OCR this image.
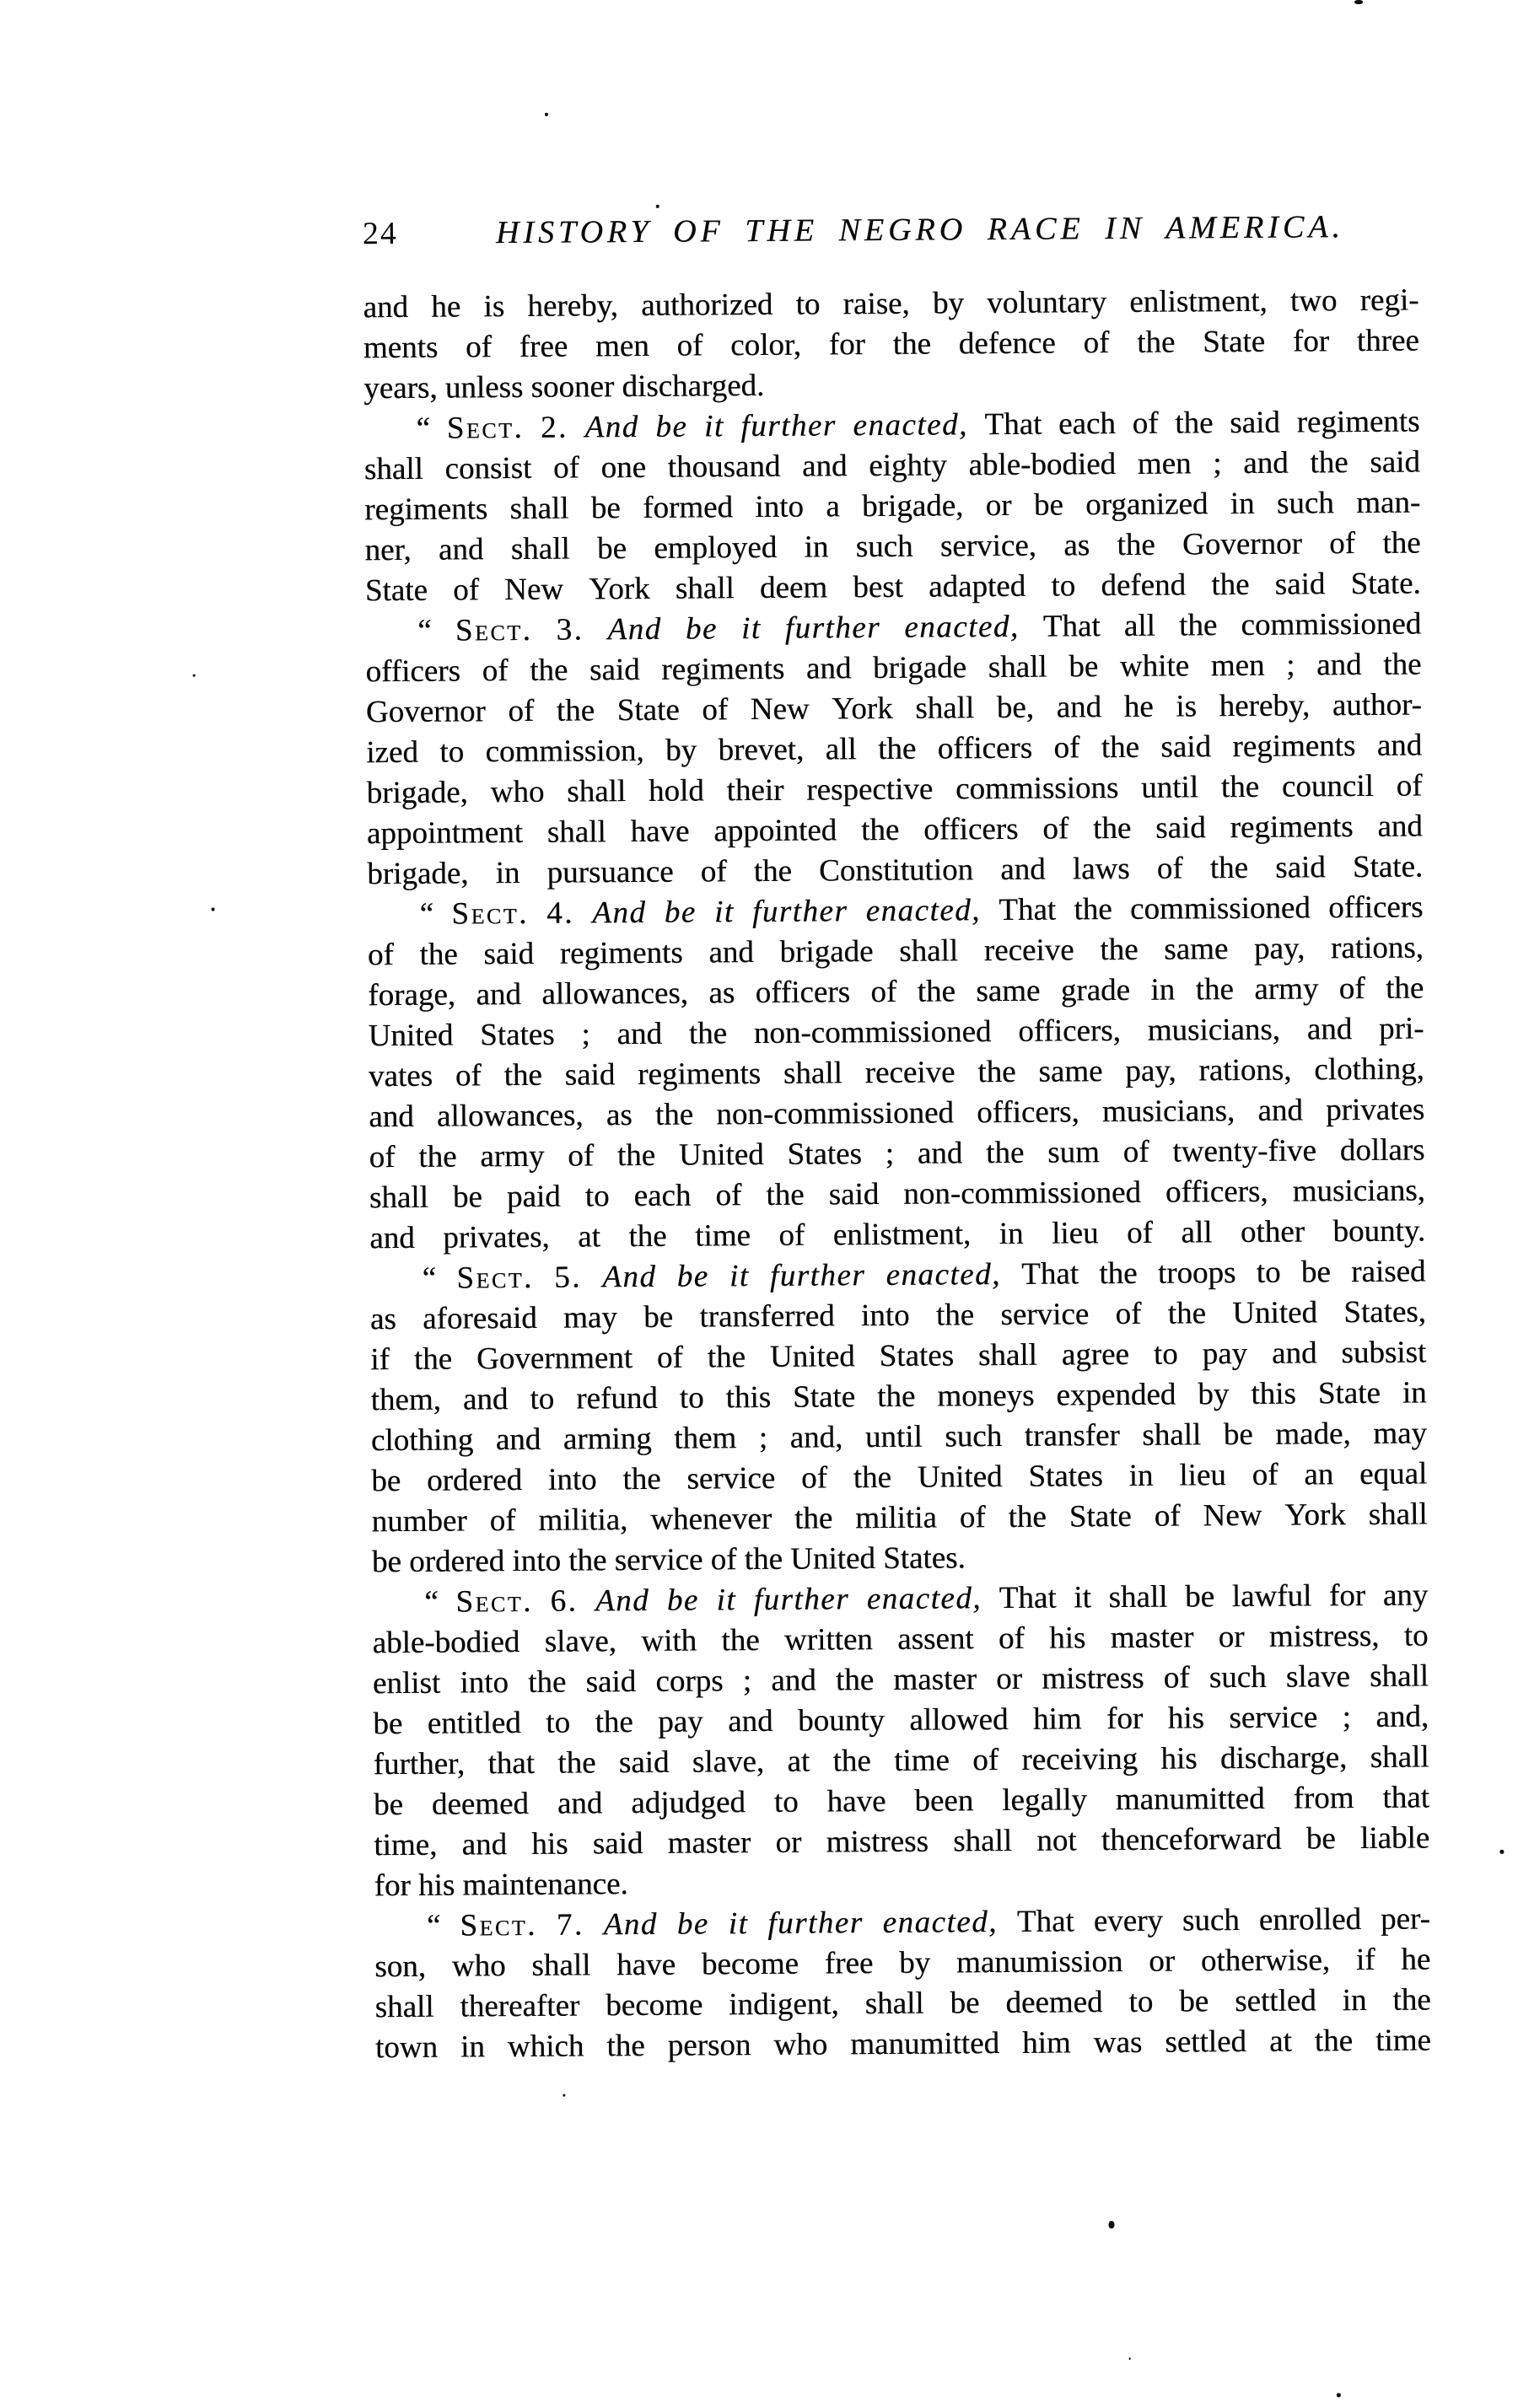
24	HISTORY OF THE NEGRO RACE IN AMERICA.
and he is hereby, authorized to raise, by voluntary enlistment, two regi-
ments of free men of color, for the defence of the State for three
years, unless sooner discharged.
“ Sect. 2. And be it further enacted, That each of the said regiments
shall consist of one thousand and eighty able-bodied men ; and the said
regiments shall be formed into a brigade, or be organized in such man-
ner, and shall be employed in such service, as the Governor of the
State of New York shall deem best adapted to defend the said State.
“ Sect. 3. And be it further enacted, That all the commissioned
officers of the said regiments and brigade shall be white men ; and the
Governor of the State of New York shall be, and he is hereby, author-
ized to commission, by brevet, all the officers of the said regiments and
brigade, who shall hold their respective commissions until the council of
appointment shall have appointed the officers of the said regiments and
brigade, in pursuance of the Constitution and laws of the said State.
“ Sect. 4. And be it further enacted, That the commissioned officers
of the said regiments and brigade shall receive the same pay, rations,
forage, and allowances, as officers of the same grade in the army of the
United States ; and the non-commissioned officers, musicians, and pri-
vates of the said regiments shall receive the same pay, rations, clothing,
and allowances, as the non-commissioned officers, musicians, and privates
of the army of the United States ; and the sum of twenty-five dollars
shall be paid to each of the said non-commissioned officers, musicians,
and privates, at the time of enlistment, in lieu of all other bounty.
“ Sect. 5. And be it further enacted, That the troops to be raised
as aforesaid may be transferred into the service of the United States,
if the Government of the United States shall agree to pay and subsist
them, and to refund to this State the moneys expended by this State in
clothing and arming them ; and, until such transfer shall be made, may
be ordered into the service of the United States in lieu of an equal
number of militia, whenever the militia of the State of New York shall
be ordered into the service of the United States.
“ Sect. 6. And be it further enacted, That it shall be lawful for any
able-bodied slave, with the written assent of his master or mistress, to
enlist into the said corps ; and the master or mistress of such slave shall
be entitled to the pay and bounty allowed him for his service ; and,
further, that the said slave, at the time of receiving his discharge, shall
be deemed and adjudged to have been legally manumitted from that
time, and his said master or mistress shall not thenceforward be liable
for his maintenance.
“ Sect. 7. And be it further enacted, That every such enrolled per-
son, who shall have become free by manumission or otherwise, if he
shall thereafter become indigent, shall be deemed to be settled in the
town in which the person who manumitted him was settled at the time
